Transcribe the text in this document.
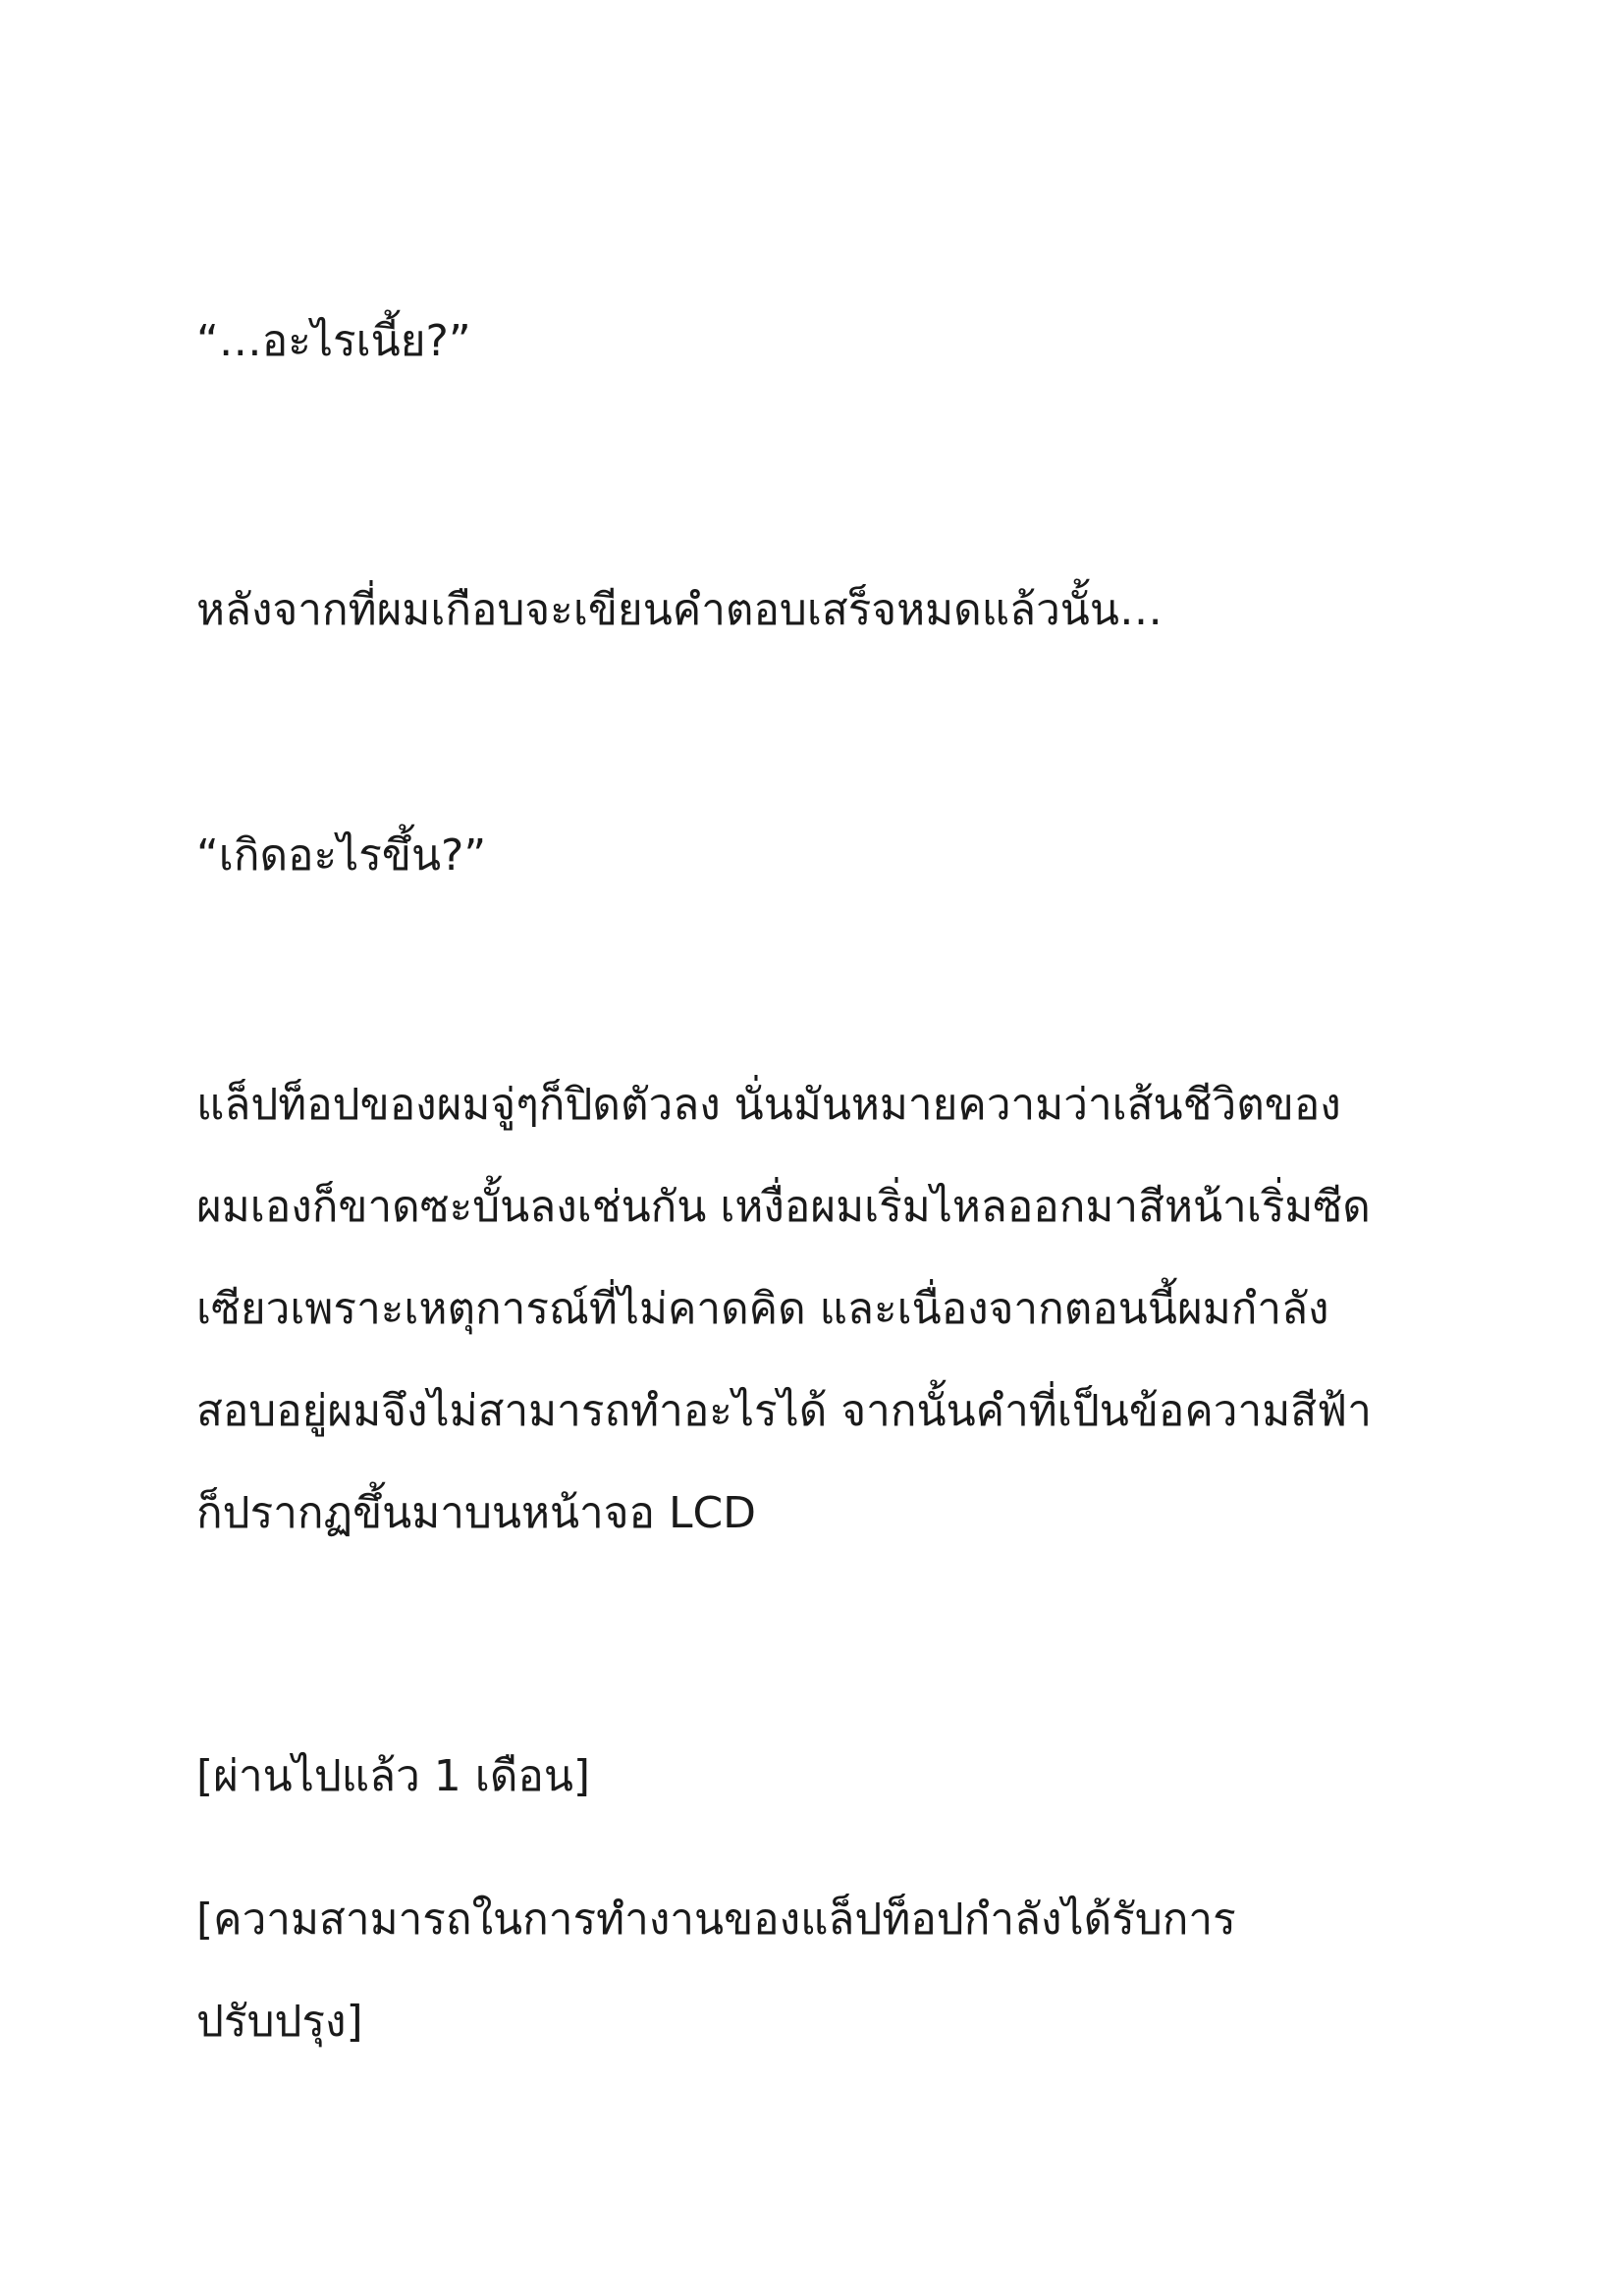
“…อะไรเนี้ย?”

หลังจากที่ผมเกือบจะเขียนคำตอบเสร็จหมดแล้วนั้น…

“เกิดอะไรขึ้น?”

แล็ปท็อปของผมจู่ๆก็ปิดตัวลง นั่นมันหมายความว่าเส้นชีวิตของ
ผมเองก็ขาดซะบั้นลงเช่นกัน เหงื่อผมเริ่มไหลออกมาสีหน้าเริ่มซีด
เซียวเพราะเหตุการณ์ที่ไม่คาดคิด และเนื่องจากตอนนี้ผมกำลัง
สอบอยู่ผมจึงไม่สามารถทำอะไรได้ จากนั้นคำที่เป็นข้อความสีฟ้า
ก็ปรากฏขึ้นมาบนหน้าจอ LCD

[ผ่านไปแล้ว 1 เดือน]

[ความสามารถในการทำงานของแล็ปท็อปกำลังได้รับการ
ปรับปรุง]
